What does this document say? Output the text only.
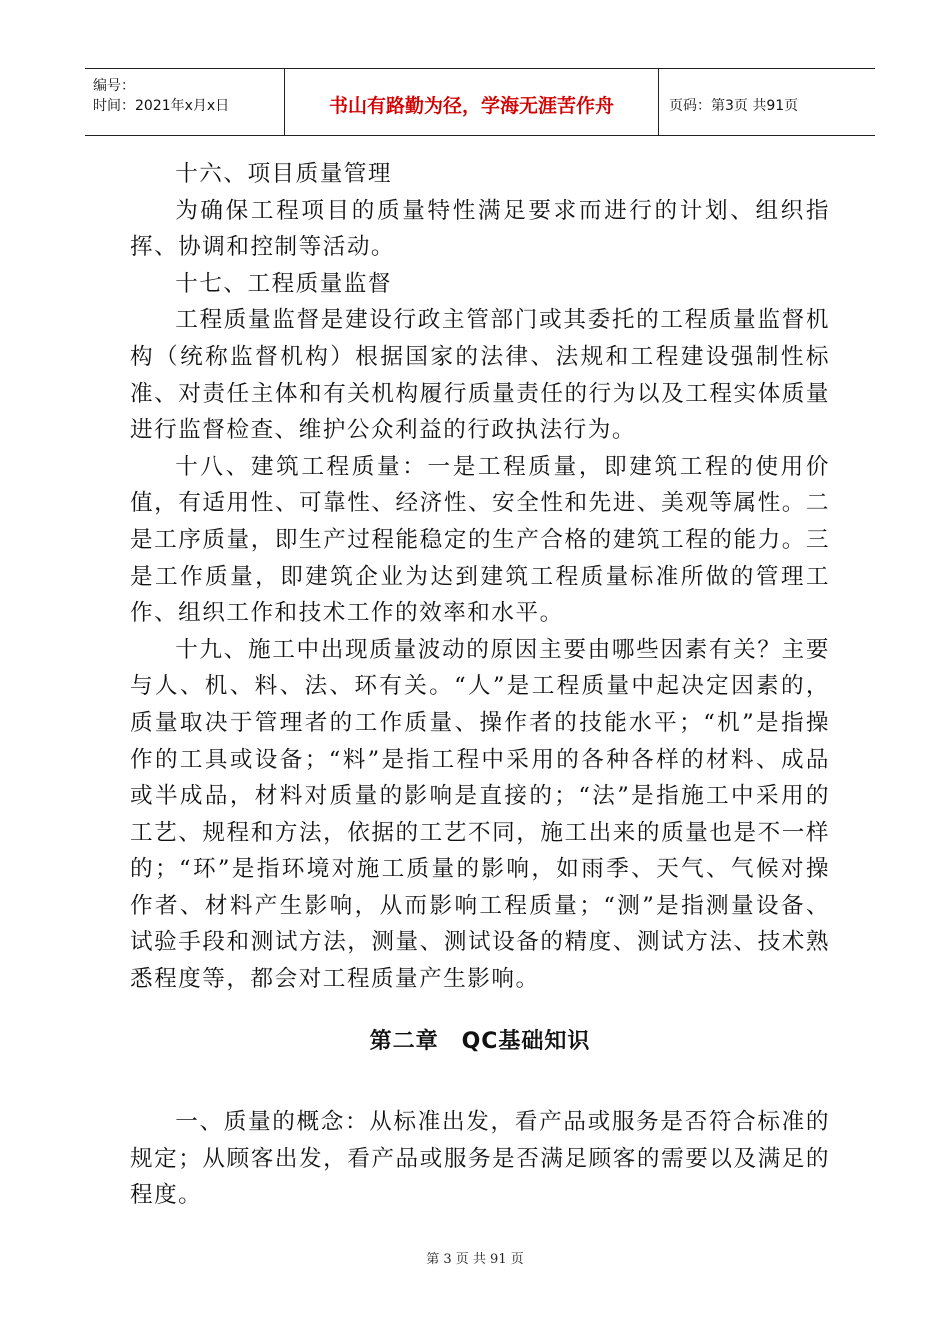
编号：
时间：2021年x月x日	书山有路勤为径，学海无涯苦作舟	页码：第3页 共91页

十六、项目质量管理

为确保工程项目的质量特性满足要求而进行的计划、组织指挥、协调和控制等活动。

十七、工程质量监督

工程质量监督是建设行政主管部门或其委托的工程质量监督机构（统称监督机构）根据国家的法律、法规和工程建设强制性标准、对责任主体和有关机构履行质量责任的行为以及工程实体质量进行监督检查、维护公众利益的行政执法行为。

十八、建筑工程质量：一是工程质量，即建筑工程的使用价值，有适用性、可靠性、经济性、安全性和先进、美观等属性。二是工序质量，即生产过程能稳定的生产合格的建筑工程的能力。三是工作质量，即建筑企业为达到建筑工程质量标准所做的管理工作、组织工作和技术工作的效率和水平。

十九、施工中出现质量波动的原因主要由哪些因素有关？主要与人、机、料、法、环有关。“人”是工程质量中起决定因素的，质量取决于管理者的工作质量、操作者的技能水平；“机”是指操作的工具或设备；“料”是指工程中采用的各种各样的材料、成品或半成品，材料对质量的影响是直接的；“法”是指施工中采用的工艺、规程和方法，依据的工艺不同，施工出来的质量也是不一样的；“环”是指环境对施工质量的影响，如雨季、天气、气候对操作者、材料产生影响，从而影响工程质量；“测”是指测量设备、试验手段和测试方法，测量、测试设备的精度、测试方法、技术熟悉程度等，都会对工程质量产生影响。

第二章　QC基础知识

一、质量的概念：从标准出发，看产品或服务是否符合标准的规定；从顾客出发，看产品或服务是否满足顾客的需要以及满足的程度。

第 3 页 共 91 页
